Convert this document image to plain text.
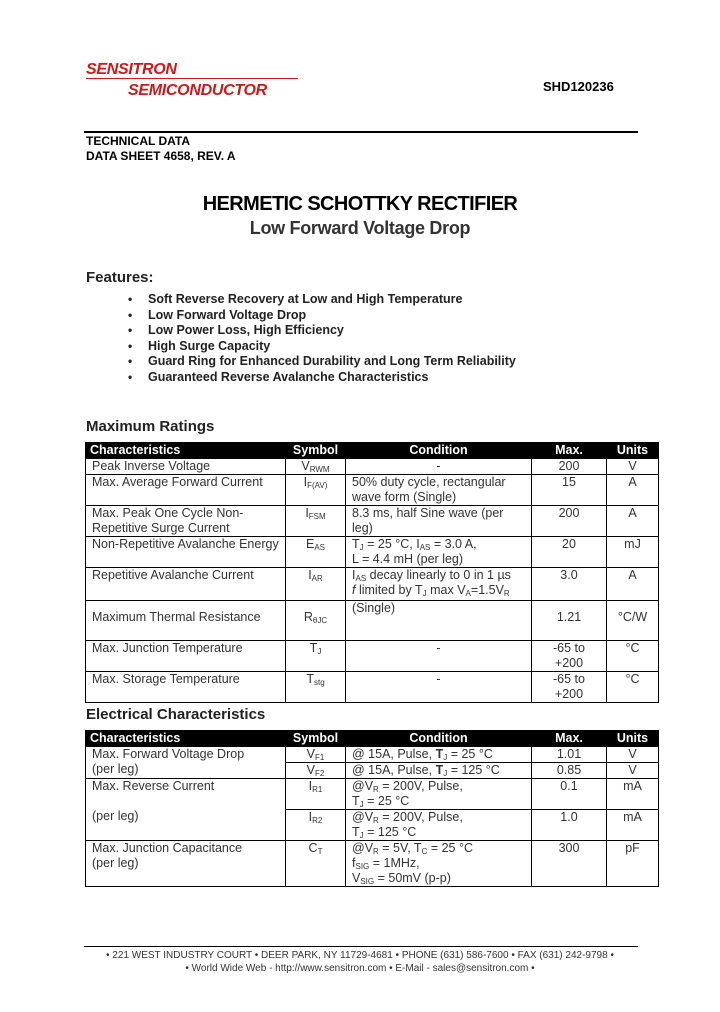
SENSITRON
SEMICONDUCTOR	SHD120236
TECHNICAL DATA
DATA SHEET 4658, REV. A
HERMETIC SCHOTTKY RECTIFIER
Low Forward Voltage Drop
Features:
• Soft Reverse Recovery at Low and High Temperature
• Low Forward Voltage Drop
• Low Power Loss, High Efficiency
• High Surge Capacity
• Guard Ring for Enhanced Durability and Long Term Reliability
• Guaranteed Reverse Avalanche Characteristics
Maximum Ratings
Characteristics	Symbol	Condition	Max.	Units
Peak Inverse Voltage	$V_{RWM}$	-	200	V
Max. Average Forward Current	$I_{F(AV)}$	50% duty cycle, rectangular wave form (Single)	15	A
Max. Peak One Cycle Non-Repetitive Surge Current	$I_{FSM}$	8.3 ms, half Sine wave (per leg)	200	A
Non-Repetitive Avalanche Energy	$E_{AS}$	$T_J = 25$ °C, $I_{AS} = 3.0$ A,
L = 4.4 mH (per leg)	20	mJ
Repetitive Avalanche Current	$I_{AR}$	$I_{AS}$ decay linearly to 0 in 1 µs
f limited by $T_J$ $\max V_A=1.5V_R$	3.0	A
Maximum Thermal Resistance	$R_{\theta JC}$	(Single)	1.21	°C/W
Max. Junction Temperature	$T_J$	-	-65 to +200	°C
Max. Storage Temperature	$T_{stg}$	-	-65 to +200	°C
Electrical Characteristics
Characteristics	Symbol	Condition	Max.	Units
Max. Forward Voltage Drop
(per leg)	$V_{F1}$	@ 15A, Pulse, $T_J = 25$ °C	1.01	V
	$V_{F2}$	@ 15A, Pulse, $T_J = 125$ °C	0.85	V
Max. Reverse Current

(per leg)	$I_{R1}$	$@V_R = 200V$, Pulse,
$T_J = 25$ °C	0.1	mA
	$I_{R2}$	$@V_R = 200V$, Pulse,
$T_J = 125$ °C	1.0	mA
Max. Junction Capacitance
(per leg)	$C_T$	$@V_R = 5V$, $T_C = 25$ °C
$f_{SIG} = 1MHz$,
$V_{SIG} = 50mV$ (p-p)	300	pF
• 221 WEST INDUSTRY COURT • DEER PARK, NY 11729-4681 • PHONE (631) 586-7600 • FAX (631) 242-9798 •
• World Wide Web - http://www.sensitron.com • E-Mail - sales@sensitron.com •
